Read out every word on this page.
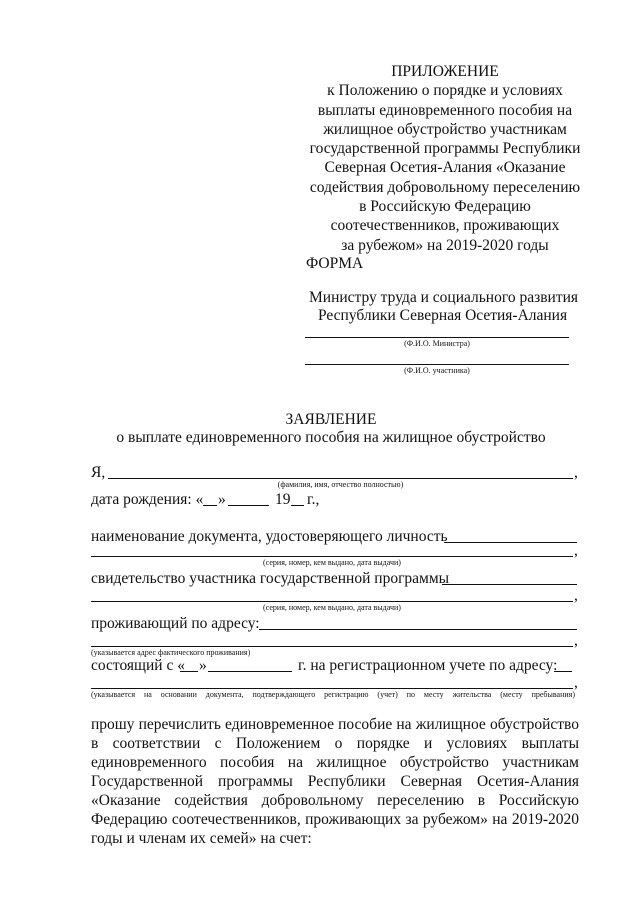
ПРИЛОЖЕНИЕ
к Положению о порядке и условиях
выплаты единовременного пособия на
жилищное обустройство участникам
государственной программы Республики
Северная Осетия-Алания «Оказание
содействия добровольному переселению
в Российскую Федерацию
соотечественников, проживающих
за рубежом» на 2019-2020 годы
ФОРМА
Министру труда и социального развития
Республики Северная Осетия-Алания
(Ф.И.О. Министра)
(Ф.И.О. участника)
ЗАЯВЛЕНИЕ
о выплате единовременного пособия на жилищное обустройство
Я,	,
(фамилия, имя, отчество полностью)
дата рождения: « »	19 г.,
наименование документа, удостоверяющего личность
,
(серия, номер, кем выдано, дата выдачи)
свидетельство участника государственной программы
,
(серия, номер, кем выдано, дата выдачи)
проживающий по адресу:
,
(указывается адрес фактического проживания)
состоящий с « »	г. на регистрационном учете по адресу:
,
(указывается на основании документа, подтверждающего регистрацию (учет) по месту жительства (месту пребывания)
прошу перечислить единовременное пособие на жилищное обустройство в соответствии с Положением о порядке и условиях выплаты единовременного пособия на жилищное обустройство участникам Государственной программы Республики Северная Осетия-Алания «Оказание содействия добровольному переселению в Российскую Федерацию соотечественников, проживающих за рубежом» на 2019-2020 годы и членам их семей» на счет:
